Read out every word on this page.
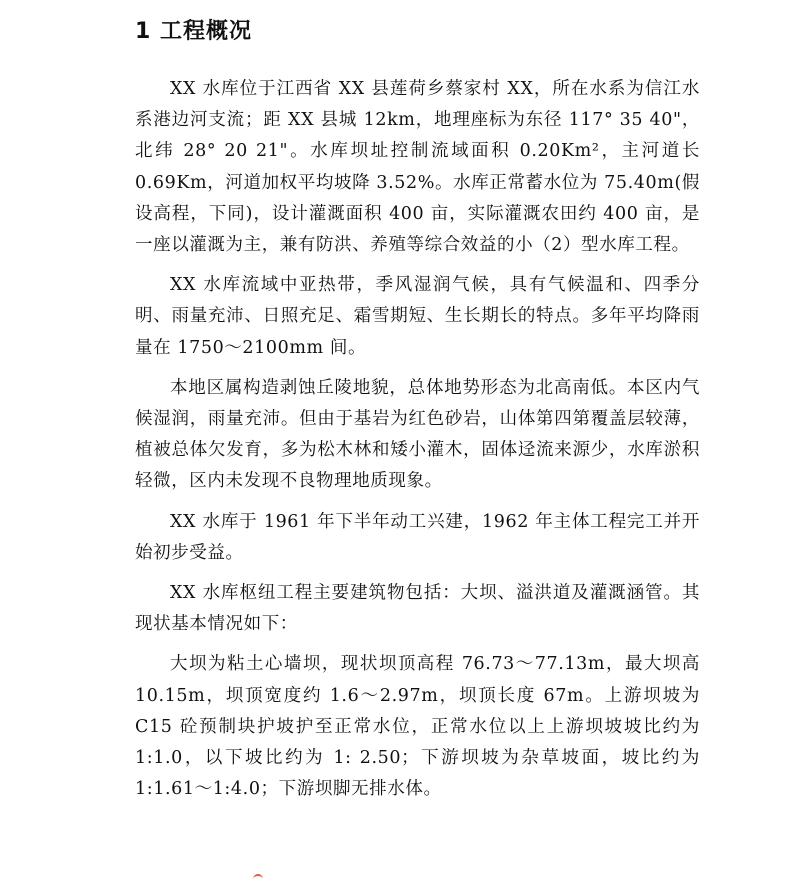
1 工程概况

XX 水库位于江西省 XX 县莲荷乡蔡家村 XX，所在水系为信江水系港边河支流；距 XX 县城 12km，地理座标为东径 117° 35 40"，北纬 28° 20 21"。水库坝址控制流域面积 0.20Km²，主河道长 0.69Km，河道加权平均坡降 3.52%。水库正常蓄水位为 75.40m(假设高程，下同)，设计灌溉面积 400 亩，实际灌溉农田约 400 亩，是一座以灌溉为主，兼有防洪、养殖等综合效益的小（2）型水库工程。

XX 水库流域中亚热带，季风湿润气候，具有气候温和、四季分明、雨量充沛、日照充足、霜雪期短、生长期长的特点。多年平均降雨量在 1750～2100mm 间。

本地区属构造剥蚀丘陵地貌，总体地势形态为北高南低。本区内气候湿润，雨量充沛。但由于基岩为红色砂岩，山体第四第覆盖层较薄，植被总体欠发育，多为松木林和矮小灌木，固体迳流来源少，水库淤积轻微，区内未发现不良物理地质现象。

XX 水库于 1961 年下半年动工兴建，1962 年主体工程完工并开始初步受益。

XX 水库枢纽工程主要建筑物包括：大坝、溢洪道及灌溉涵管。其现状基本情况如下：

大坝为粘土心墙坝，现状坝顶高程 76.73～77.13m，最大坝高 10.15m，坝顶宽度约 1.6～2.97m，坝顶长度 67m。上游坝坡为 C15 砼预制块护坡护至正常水位，正常水位以上上游坝坡坡比约为 1:1.0，以下坡比约为 1: 2.50；下游坝坡为杂草坡面，坡比约为 1:1.61～1:4.0；下游坝脚无排水体。
